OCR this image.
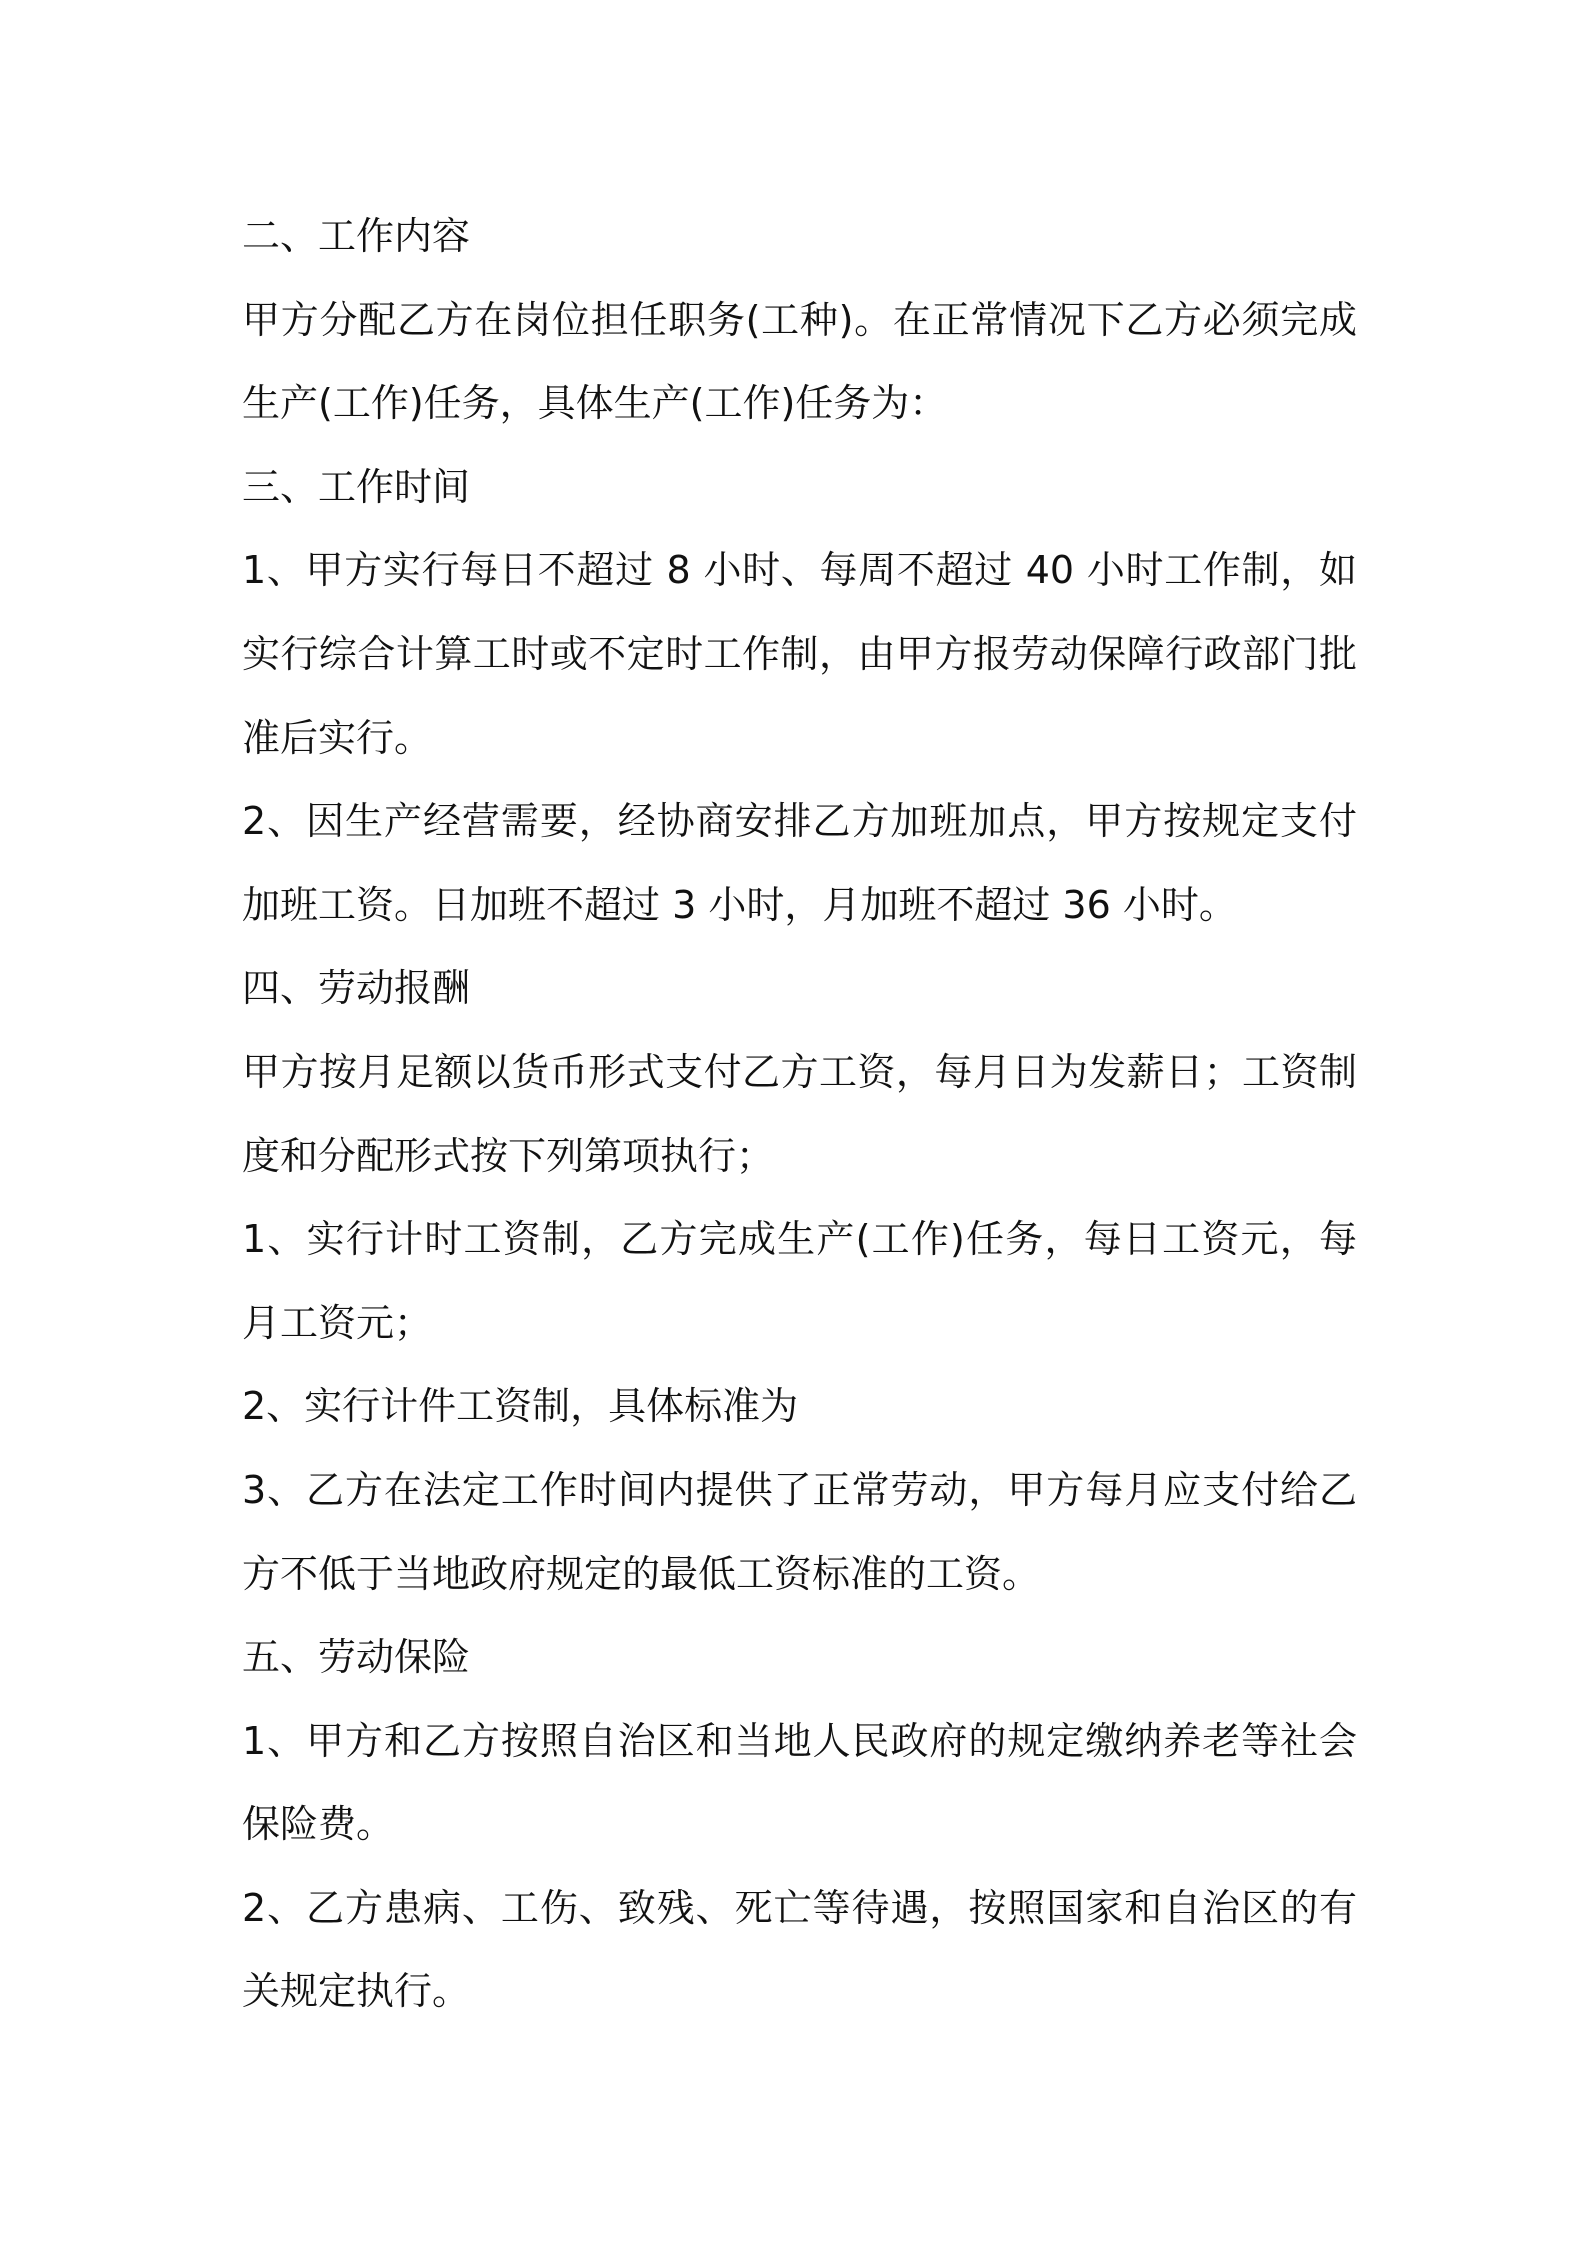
二、工作内容

甲方分配乙方在岗位担任职务(工种)。在正常情况下乙方必须完成生产(工作)任务，具体生产(工作)任务为：

三、工作时间

1、甲方实行每日不超过 8 小时、每周不超过 40 小时工作制，如实行综合计算工时或不定时工作制，由甲方报劳动保障行政部门批准后实行。

2、因生产经营需要，经协商安排乙方加班加点，甲方按规定支付加班工资。日加班不超过 3 小时，月加班不超过 36 小时。

四、劳动报酬

甲方按月足额以货币形式支付乙方工资，每月日为发薪日；工资制度和分配形式按下列第项执行；

1、实行计时工资制，乙方完成生产(工作)任务，每日工资元，每月工资元；

2、实行计件工资制，具体标准为

3、乙方在法定工作时间内提供了正常劳动，甲方每月应支付给乙方不低于当地政府规定的最低工资标准的工资。

五、劳动保险

1、甲方和乙方按照自治区和当地人民政府的规定缴纳养老等社会保险费。

2、乙方患病、工伤、致残、死亡等待遇，按照国家和自治区的有关规定执行。
